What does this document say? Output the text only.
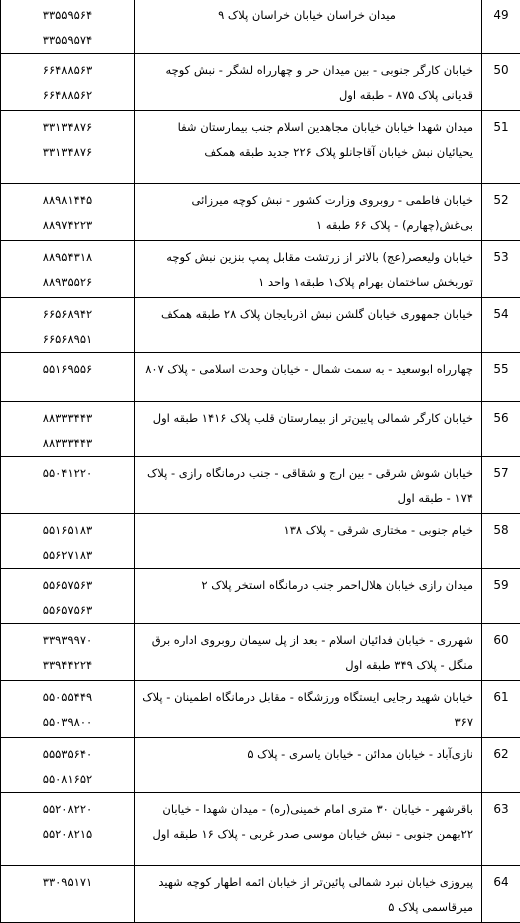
۳۳۵۵۹۵۶۴
۳۳۵۵۹۵۷۴	میدان خراسان خیابان خراسان پلاک ۹	49

۶۶۴۸۸۵۶۳
۶۶۴۸۸۵۶۲	خیابان کارگر جنوبی - بین میدان حر و چهارراه لشگر - نبش کوچه قدیانی پلاک ۸۷۵ - طبقه اول	50

۳۳۱۳۴۸۷۶
۳۳۱۳۴۸۷۶	میدان شهدا خیابان خیابان مجاهدین اسلام جنب بیمارستان شفا یحیائیان نبش خیابان آقاجانلو پلاک ۲۲۶ جدید طبقه همکف	51

۸۸۹۸۱۴۴۵
۸۸۹۷۴۲۲۳	خیابان فاطمی - روبروی وزارت کشور - نبش کوچه میرزائی بی‌غش(چهارم) - پلاک ۶۶ طبقه ۱	52

۸۸۹۵۴۳۱۸
۸۸۹۳۵۵۲۶	خیابان ولیعصر(عج) بالاتر از زرتشت مقابل پمپ بنزین نبش کوچه توربخش ساختمان بهرام پلاک۱ طبقه۱ واحد ۱	53

۶۶۵۶۸۹۴۲
۶۶۵۶۸۹۵۱	خیابان جمهوری خیابان گلشن نبش اذربایجان پلاک ۲۸ طبقه همکف	54

۵۵۱۶۹۵۵۶	چهارراه ابوسعید - به سمت شمال - خیابان وحدت اسلامی - پلاک ۸۰۷	55

۸۸۳۳۳۴۴۳
۸۸۳۳۳۴۴۳	خیابان کارگر شمالی پایین‌تر از بیمارستان قلب پلاک ۱۴۱۶ طبقه اول	56

۵۵۰۴۱۲۲۰	خیابان شوش شرقی - بین ارج و شقاقی - جنب درمانگاه رازی - پلاک ۱۷۴ - طبقه اول	57

۵۵۱۶۵۱۸۳
۵۵۶۲۷۱۸۳	خیام جنوبی - مختاری شرقی - پلاک ۱۳۸	58

۵۵۶۵۷۵۶۳
۵۵۶۵۷۵۶۳	میدان رازی خیابان هلال‌احمر جنب درمانگاه استخر پلاک ۲	59

۳۳۹۳۹۹۷۰
۳۳۹۴۴۲۲۴	شهرری - خیابان فدائیان اسلام - بعد از پل سیمان روبروی اداره برق منگل - پلاک ۳۴۹ طبقه اول	60

۵۵۰۵۵۴۴۹
۵۵۰۳۹۸۰۰	خیابان شهید رجایی ایستگاه ورزشگاه - مقابل درمانگاه اطمینان - پلاک ۳۶۷	61

۵۵۵۳۵۶۴۰
۵۵۰۸۱۶۵۲	نازی‌آباد - خیابان مدائن - خیابان یاسری - پلاک ۵	62

۵۵۲۰۸۲۲۰
۵۵۲۰۸۲۱۵	باقرشهر - خیابان ۳۰ متری امام خمینی(ره) - میدان شهدا - خیابان ۲۲بهمن جنوبی - نبش خیابان موسی صدر غربی - پلاک ۱۶ طبقه اول	63

۳۳۰۹۵۱۷۱	پیروزی خیابان نبرد شمالی پائین‌تر از خیابان ائمه اطهار کوچه شهید میرقاسمی پلاک ۵	64
